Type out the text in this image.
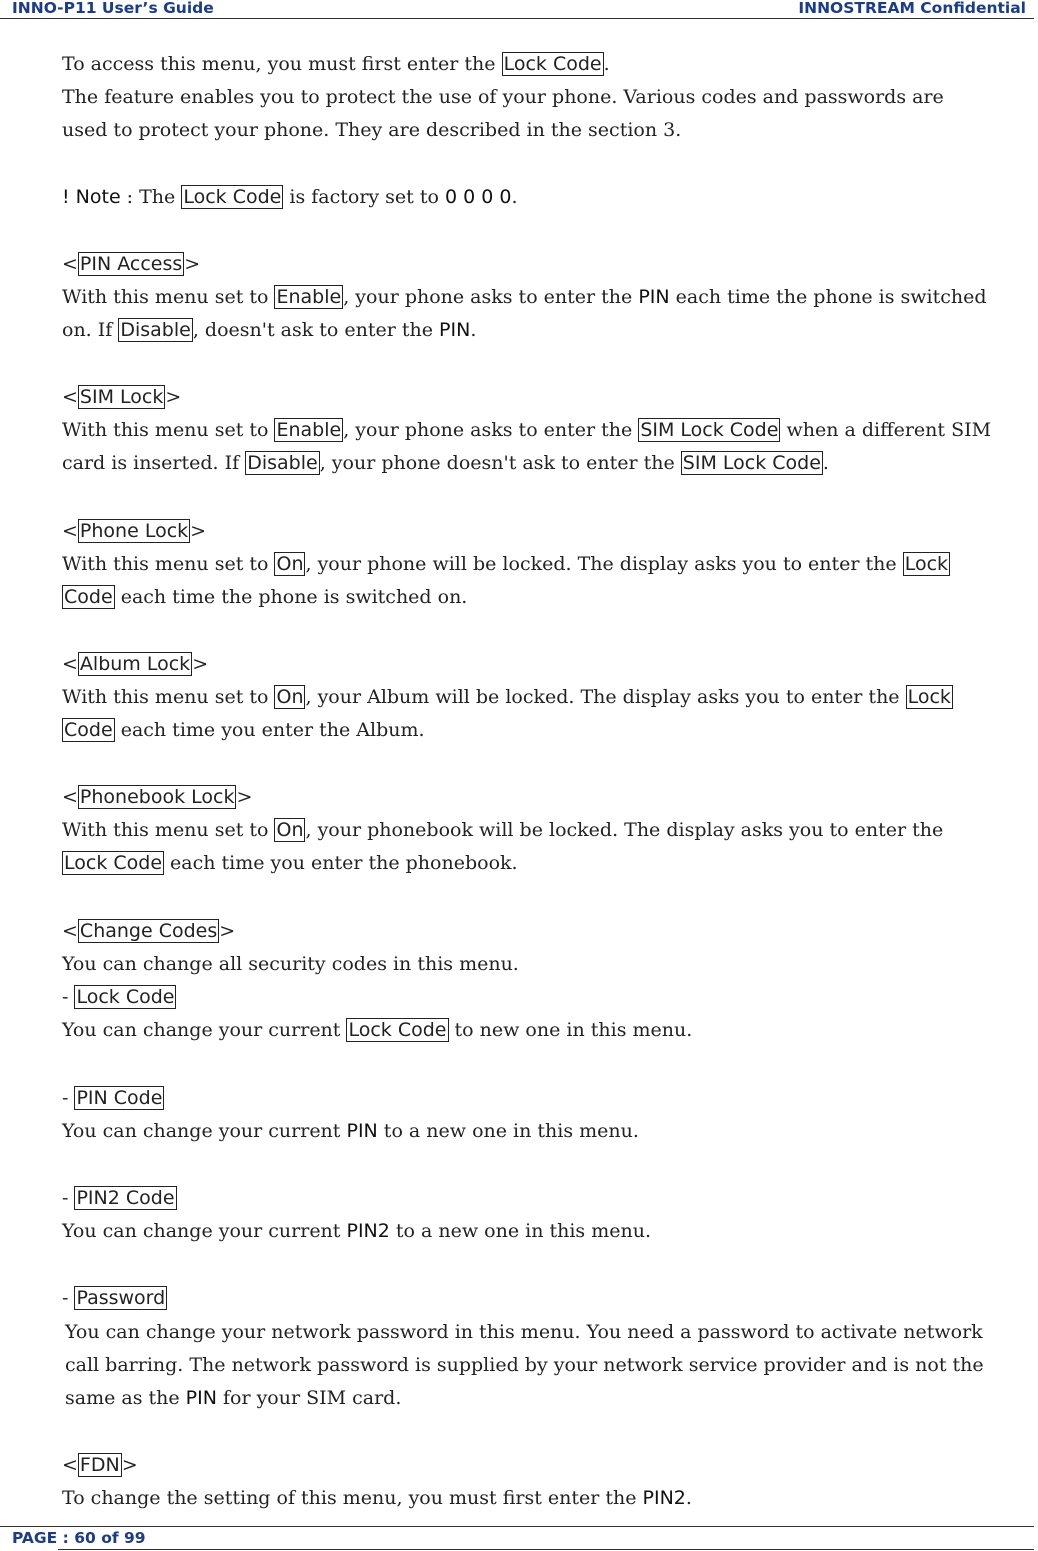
INNO-P11 User’s Guide	INNOSTREAM Confidential
To access this menu, you must first enter the Lock Code .
The feature enables you to protect the use of your phone. Various codes and passwords are
used to protect your phone. They are described in the section 3.
! Note : The Lock Code is factory set to 0 0 0 0.
< PIN Access >
With this menu set to Enable , your phone asks to enter the PIN each time the phone is switched
on. If Disable , doesn't ask to enter the PIN.
< SIM Lock >
With this menu set to Enable , your phone asks to enter the SIM Lock Code when a different SIM
card is inserted. If Disable , your phone doesn't ask to enter the SIM Lock Code .
< Phone Lock >
With this menu set to On , your phone will be locked. The display asks you to enter the Lock
Code each time the phone is switched on.
< Album Lock >
With this menu set to On , your Album will be locked. The display asks you to enter the Lock
Code each time you enter the Album.
< Phonebook Lock >
With this menu set to On , your phonebook will be locked. The display asks you to enter the
Lock Code each time you enter the phonebook.
< Change Codes >
You can change all security codes in this menu.
- Lock Code
You can change your current Lock Code to new one in this menu.
- PIN Code
You can change your current PIN to a new one in this menu.
- PIN2 Code
You can change your current PIN2 to a new one in this menu.
- Password
You can change your network password in this menu. You need a password to activate network
call barring. The network password is supplied by your network service provider and is not the
same as the PIN for your SIM card.
< FDN >
To change the setting of this menu, you must first enter the PIN2.
PAGE : 60 of 99
